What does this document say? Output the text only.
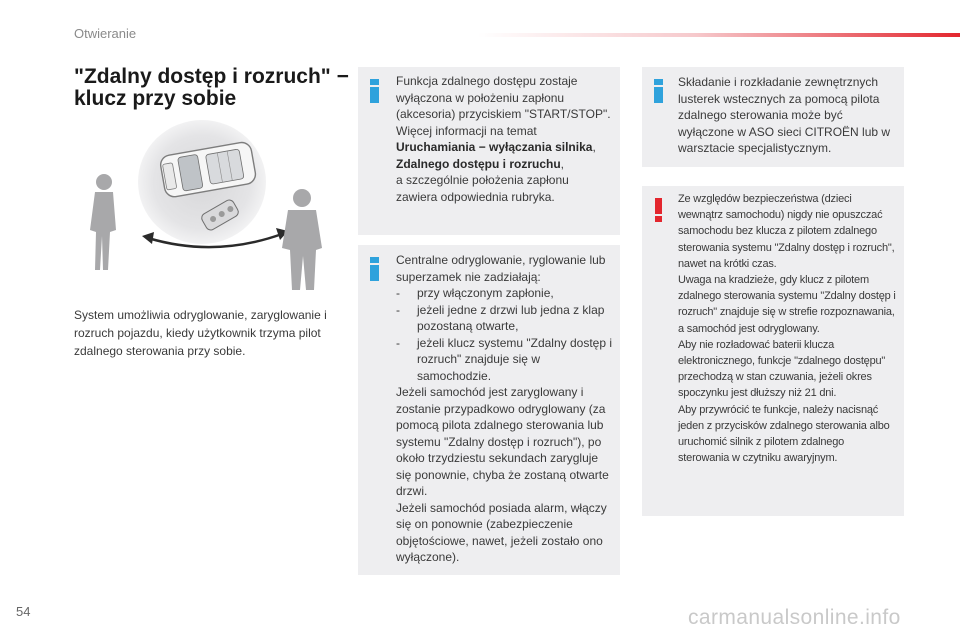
Otwieranie
"Zdalny dostęp i rozruch" −
klucz przy sobie
System umożliwia odryglowanie, zaryglowanie i rozruch pojazdu, kiedy użytkownik trzyma pilot zdalnego sterowania przy sobie.
Funkcja zdalnego dostępu zostaje wyłączona w położeniu zapłonu (akcesoria) przyciskiem "START/STOP".
Więcej informacji na temat
Uruchamiania − wyłączania silnika,
Zdalnego dostępu i rozruchu,
a szczególnie położenia zapłonu zawiera odpowiednia rubryka.
Centralne odryglowanie, ryglowanie lub superzamek nie zadziałają:
-	przy włączonym zapłonie,
-	jeżeli jedne z drzwi lub jedna z klap pozostaną otwarte,
-	jeżeli klucz systemu "Zdalny dostęp i rozruch" znajduje się w samochodzie.
Jeżeli samochód jest zaryglowany i zostanie przypadkowo odryglowany (za pomocą pilota zdalnego sterowania lub systemu "Zdalny dostęp i rozruch"), po około trzydziestu sekundach zarygluje się ponownie, chyba że zostaną otwarte drzwi.
Jeżeli samochód posiada alarm, włączy się on ponownie (zabezpieczenie objętościowe, nawet, jeżeli zostało ono wyłączone).
Składanie i rozkładanie zewnętrznych lusterek wstecznych za pomocą pilota zdalnego sterowania może być wyłączone w ASO sieci CITROËN lub w warsztacie specjalistycznym.
Ze względów bezpieczeństwa (dzieci wewnątrz samochodu) nigdy nie opuszczać samochodu bez klucza z pilotem zdalnego sterowania systemu "Zdalny dostęp i rozruch", nawet na krótki czas.
Uwaga na kradzieże, gdy klucz z pilotem zdalnego sterowania systemu "Zdalny dostęp i rozruch" znajduje się w strefie rozpoznawania, a samochód jest odryglowany.
Aby nie rozładować baterii klucza elektronicznego, funkcje "zdalnego dostępu" przechodzą w stan czuwania, jeżeli okres spoczynku jest dłuższy niż 21 dni.
Aby przywrócić te funkcje, należy nacisnąć jeden z przycisków zdalnego sterowania albo uruchomić silnik z pilotem zdalnego sterowania w czytniku awaryjnym.
54	carmanualsonline.info
